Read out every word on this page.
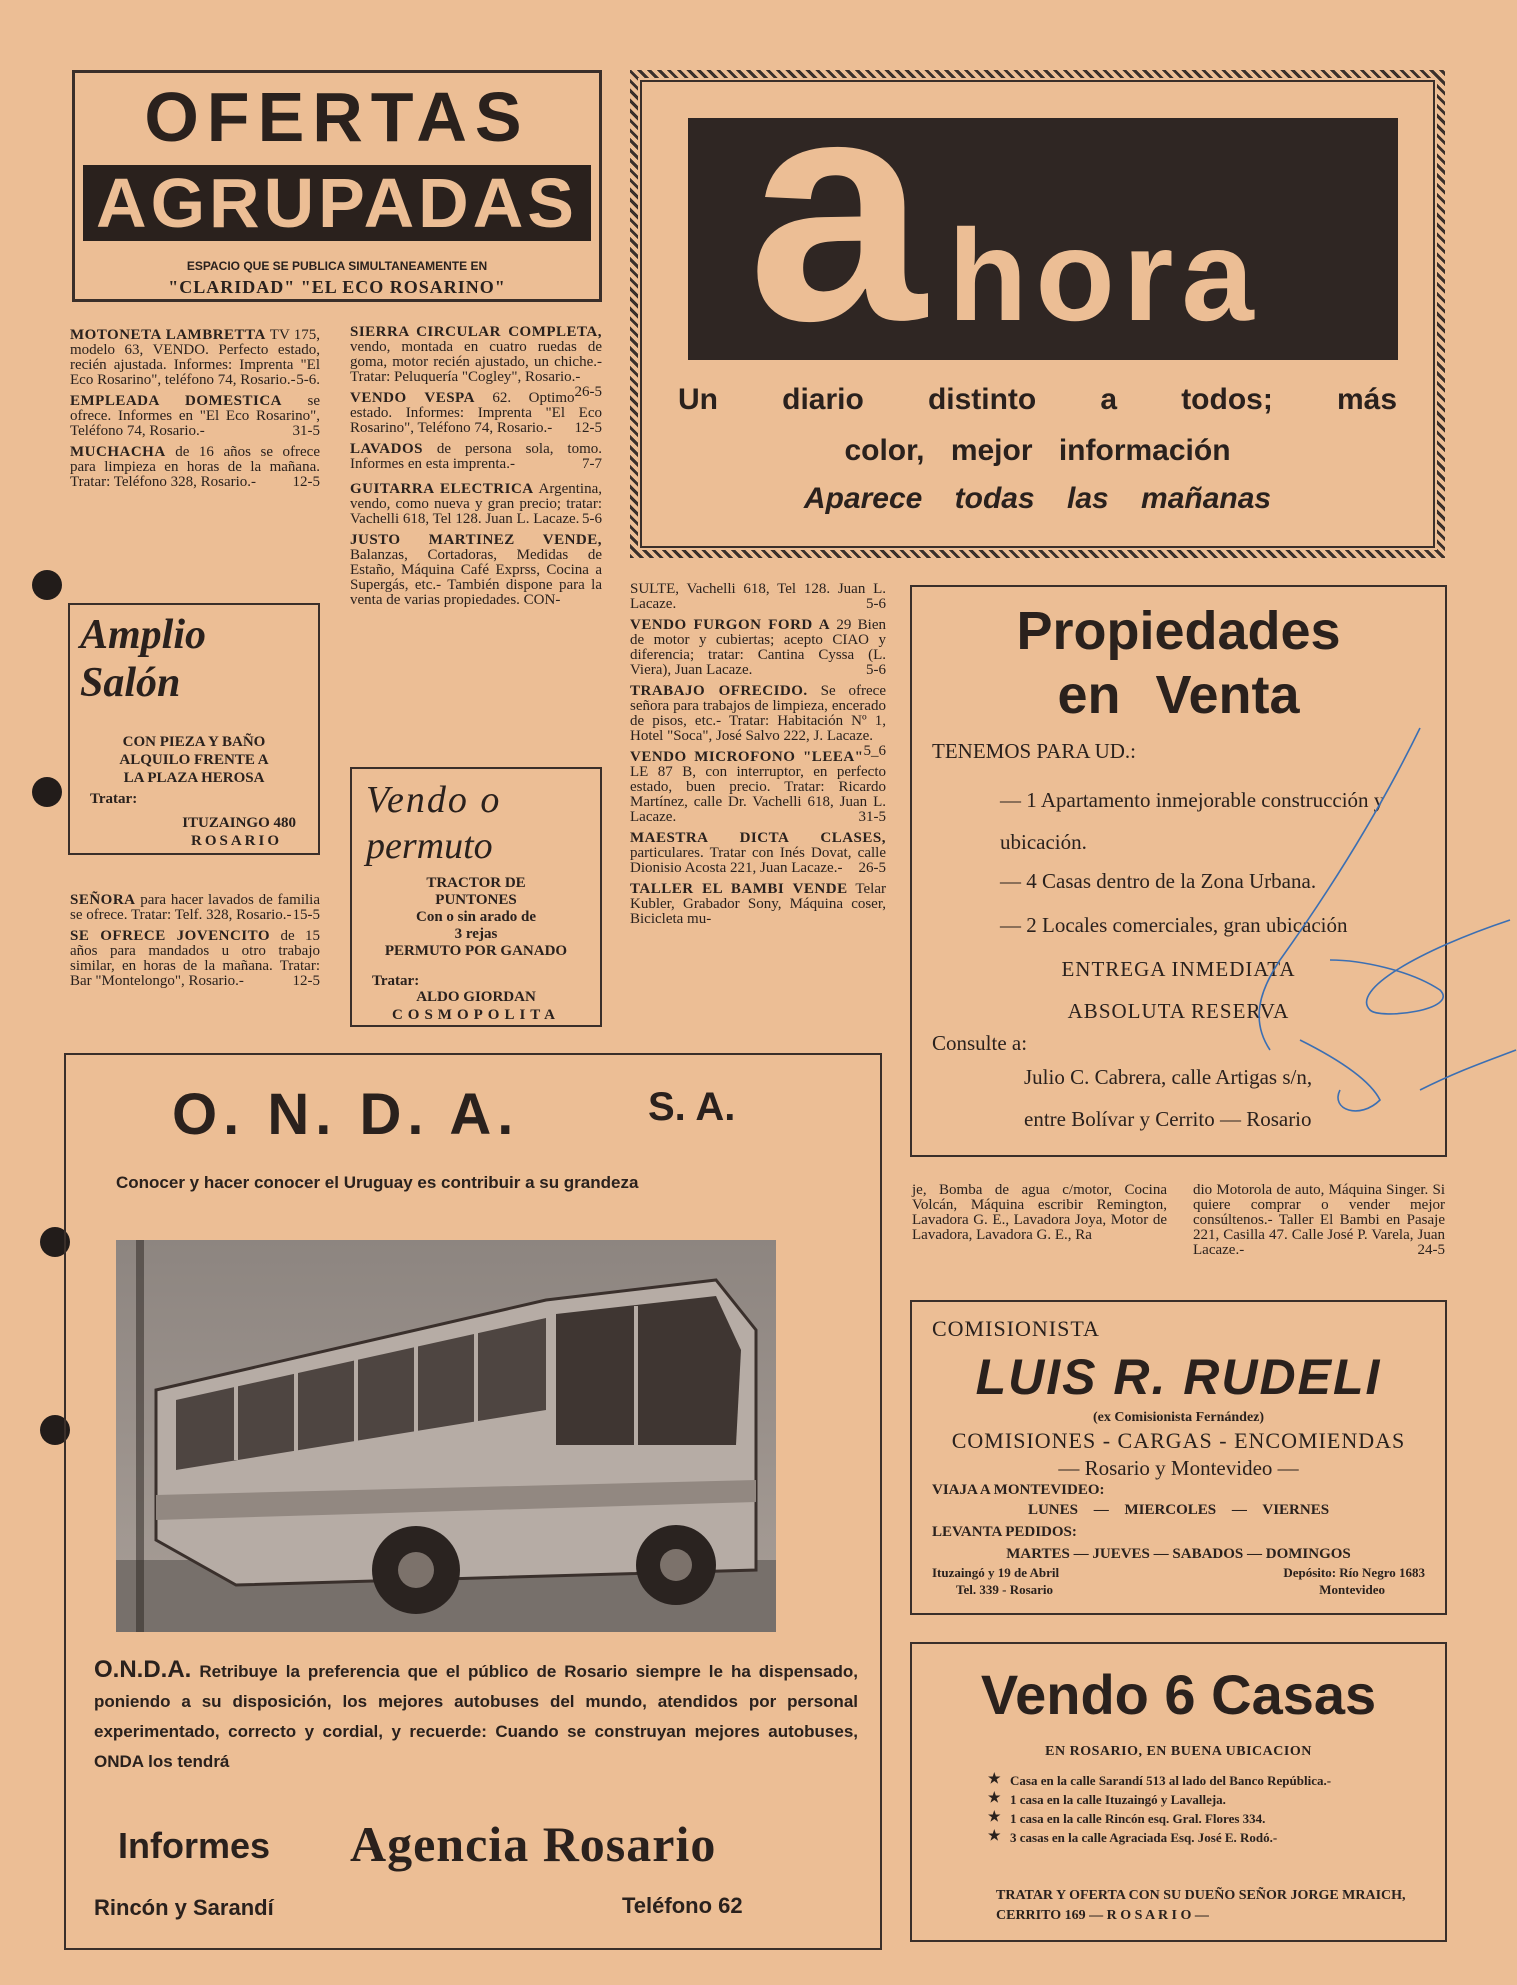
OFERTAS
AGRUPADAS
ESPACIO QUE SE PUBLICA SIMULTANEAMENTE EN
"CLARIDAD" "EL ECO ROSARINO"

MOTONETA LAMBRETTA TV 175, modelo 63, VENDO. Perfecto estado, recién ajustada. Informes: Imprenta "El Eco Rosarino", teléfono 74, Rosario.- 5-6.

EMPLEADA DOMESTICA se ofrece. Informes en "El Eco Rosarino", Teléfono 74, Rosario.-	31-5

MUCHACHA de 16 años se ofrece para limpieza en horas de la mañana. Tratar: Teléfono 328, Rosario.- 12-5

Amplio
Salón
CON PIEZA Y BAÑO
ALQUILO FRENTE A
LA PLAZA HEROSA
Tratar:
ITUZAINGO 480
ROSARIO

SEÑORA para hacer lavados de familia se ofrece. Tratar: Telf. 328, Rosario.- 15-5

SE OFRECE JOVENCITO de 15 años para mandados u otro trabajo similar, en horas de la mañana. Tratar: Bar "Montelongo", Rosario.-	12-5

SIERRA CIRCULAR COMPLETA, vendo, montada en cuatro ruedas de goma, motor recién ajustado, un chiche.- Tratar: Peluquería "Cogley", Rosario.-
26-5

VENDO VESPA 62. Optimo estado. Informes: Imprenta "El Eco Rosarino", Teléfono 74, Rosario.- 12-5

LAVADOS de persona sola, tomo. Informes en esta imprenta.-	7-7

GUITARRA ELECTRICA Argentina, vendo, como nueva y gran precio; tratar: Vachelli 618, Tel 128. Juan L. Lacaze. 5-6

JUSTO MARTINEZ VENDE, Balanzas, Cortadoras, Medidas de Estaño, Máquina Café Exprss, Cocina a Supergás, etc.- También dispone para la venta de varias propiedades. CON-

Vendo o
permuto
TRACTOR DE
PUNTONES
Con o sin arado de
3 rejas
PERMUTO POR GANADO
Tratar:
ALDO GIORDAN
COSMOPOLITA
a hora
Un diario distinto a todos; más
color, mejor información
Aparece todas las mañanas

SULTE, Vachelli 618, Tel 128. Juan L. Lacaze.	5-6

VENDO FURGON FORD A 29 Bien de motor y cubiertas; acepto CIAO y diferencia; tratar: Cantina Cyssa (L. Viera), Juan Lacaze.	5-6

TRABAJO OFRECIDO. Se ofrece señora para trabajos de limpieza, encerado de pisos, etc.- Tratar: Habitación Nº 1, Hotel "Soca", José Salvo 222, J. Lacaze.
5_6

VENDO MICROFONO "LEEA" LE 87 B, con interruptor, en perfecto estado, buen precio. Tratar: Ricardo Martínez, calle Dr. Vachelli 618, Juan L. Lacaze.	31-5

MAESTRA DICTA CLASES, particulares. Tratar con Inés Dovat, calle Dionisio Acosta 221, Juan Lacaze.- 26-5

TALLER EL BAMBI VENDE Telar Kubler, Grabador Sony, Máquina coser, Bicicleta mu-

Propiedades
en Venta
TENEMOS PARA UD.:
— 1 Apartamento inmejorable construcción y ubicación.
— 4 Casas dentro de la Zona Urbana.
— 2 Locales comerciales, gran ubicación
ENTREGA INMEDIATA
ABSOLUTA RESERVA
Consulte a:
Julio C. Cabrera, calle Artigas s/n,
entre Bolívar y Cerrito — Rosario
je, Bomba de agua c/motor, Cocina Volcán, Máquina escribir Remington, Lavadora G. E., Lavadora Joya, Motor de Lavadora, Lavadora G. E., Ra
dio Motorola de auto, Máquina Singer. Si quiere comprar o vender mejor consúltenos.- Taller El Bambi en Pasaje 221, Casilla 47. Calle José P. Varela, Juan Lacaze.-	24-5
COMISIONISTA
LUIS R. RUDELI
(ex Comisionista Fernández)
COMISIONES - CARGAS - ENCOMIENDAS
— Rosario y Montevideo —
VIAJA A MONTEVIDEO:
LUNES — MIERCOLES — VIERNES
LEVANTA PEDIDOS:
MARTES — JUEVES — SABADOS — DOMINGOS
Ituzaingó y 19 de Abril
Tel. 339 - Rosario
Depósito: Río Negro 1683
Montevideo
Vendo 6 Casas
EN ROSARIO, EN BUENA UBICACION
★ Casa en la calle Sarandí 513 al lado del Banco República.-
★ 1 casa en la calle Ituzaingó y Lavalleja.
★ 1 casa en la calle Rincón esq. Gral. Flores 334.
★ 3 casas en la calle Agraciada Esq. José E. Rodó.-
TRATAR Y OFERTA CON SU DUEÑO SEÑOR JORGE MRAICH, CERRITO 169 — R O S A R I O —
O. N. D. A.	S. A.
Conocer y hacer conocer el Uruguay es contribuir a su grandeza
O.N.D.A. Retribuye la preferencia que el público de Rosario siempre le ha dispensado, poniendo a su disposición, los mejores autobuses del mundo, atendidos por personal experimentado, correcto y cordial, y recuerde: Cuando se construyan mejores autobuses, ONDA los tendrá
Informes Agencia Rosario
Rincón y Sarandí	Teléfono 62
